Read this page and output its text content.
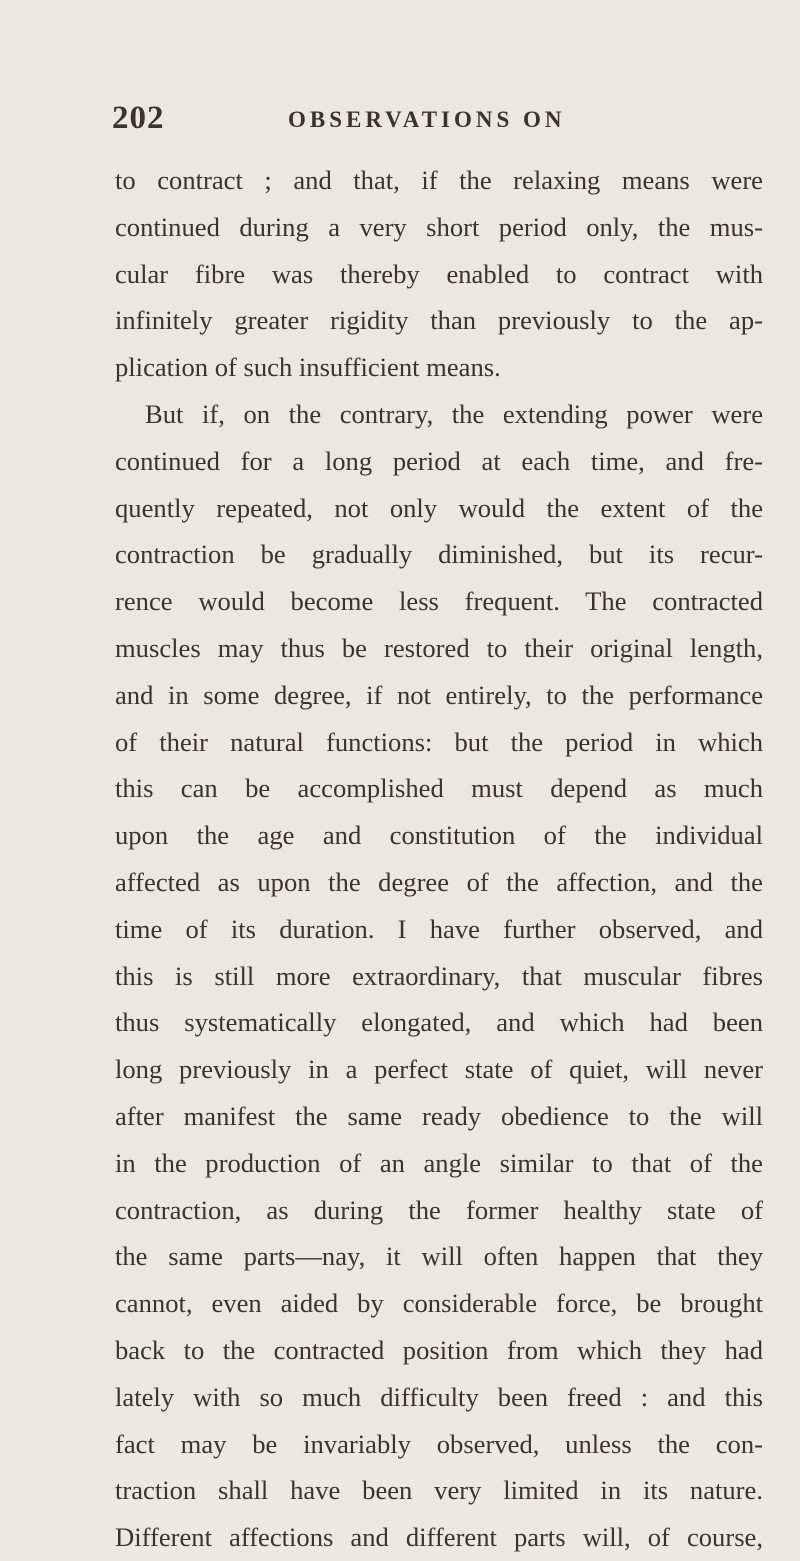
202	OBSERVATIONS ON
to contract ; and that, if the relaxing means were
continued during a very short period only, the mus-
cular fibre was thereby enabled to contract with
infinitely greater rigidity than previously to the ap-
plication of such insufficient means.
But if, on the contrary, the extending power were
continued for a long period at each time, and fre-
quently repeated, not only would the extent of the
contraction be gradually diminished, but its recur-
rence would become less frequent. The contracted
muscles may thus be restored to their original length,
and in some degree, if not entirely, to the performance
of their natural functions: but the period in which
this can be accomplished must depend as much
upon the age and constitution of the individual
affected as upon the degree of the affection, and the
time of its duration. I have further observed, and
this is still more extraordinary, that muscular fibres
thus systematically elongated, and which had been
long previously in a perfect state of quiet, will never
after manifest the same ready obedience to the will
in the production of an angle similar to that of the
contraction, as during the former healthy state of
the same parts—nay, it will often happen that they
cannot, even aided by considerable force, be brought
back to the contracted position from which they had
lately with so much difficulty been freed : and this
fact may be invariably observed, unless the con-
traction shall have been very limited in its nature.
Different affections and different parts will, of course,
